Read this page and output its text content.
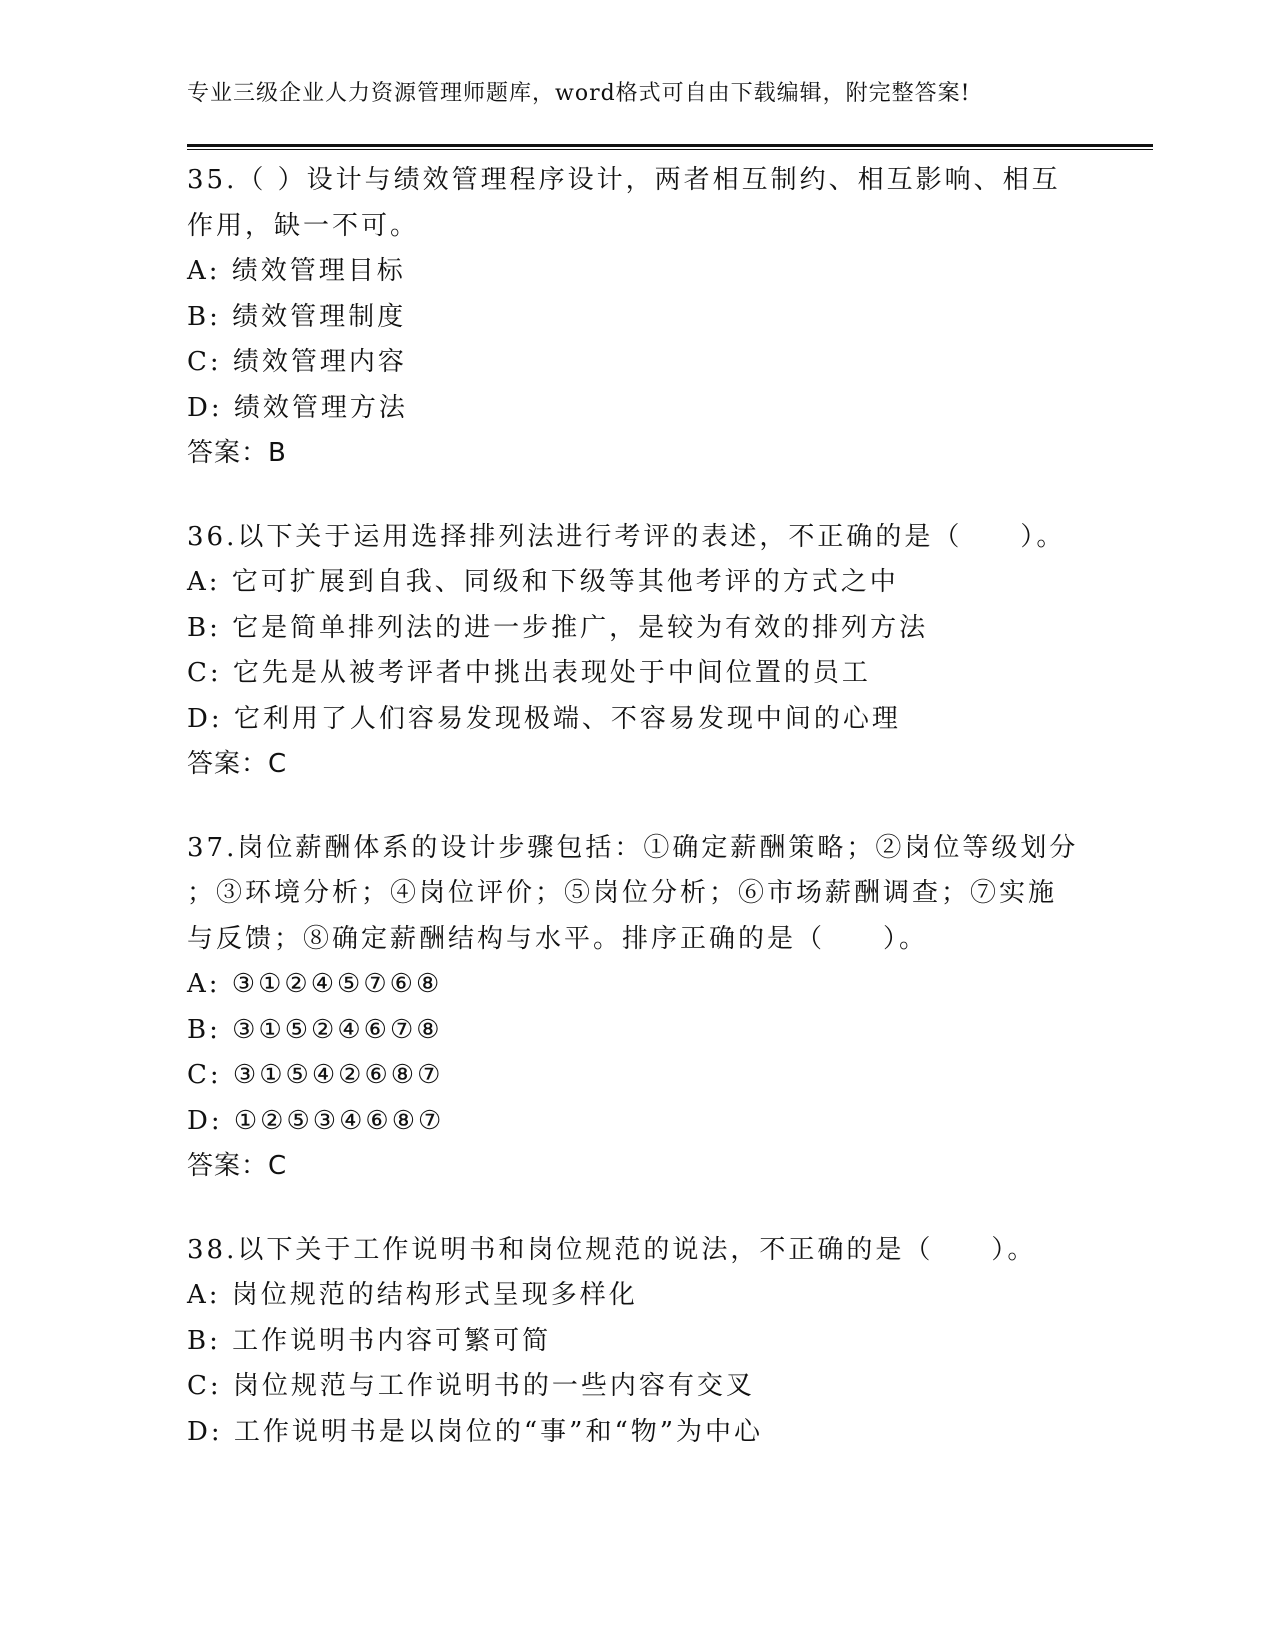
专业三级企业人力资源管理师题库，word格式可自由下载编辑，附完整答案!
35.（ ）设计与绩效管理程序设计，两者相互制约、相互影响、相互
作用，缺一不可。
A: 绩效管理目标
B: 绩效管理制度
C: 绩效管理内容
D: 绩效管理方法
答案：B
36.以下关于运用选择排列法进行考评的表述，不正确的是（　　）。
A: 它可扩展到自我、同级和下级等其他考评的方式之中
B: 它是简单排列法的进一步推广，是较为有效的排列方法
C: 它先是从被考评者中挑出表现处于中间位置的员工
D: 它利用了人们容易发现极端、不容易发现中间的心理
答案：C
37.岗位薪酬体系的设计步骤包括：①确定薪酬策略；②岗位等级划分
；③环境分析；④岗位评价；⑤岗位分析；⑥市场薪酬调查；⑦实施
与反馈；⑧确定薪酬结构与水平。排序正确的是（　　）。
A: ③①②④⑤⑦⑥⑧
B: ③①⑤②④⑥⑦⑧
C: ③①⑤④②⑥⑧⑦
D: ①②⑤③④⑥⑧⑦
答案：C
38.以下关于工作说明书和岗位规范的说法，不正确的是（　　）。
A: 岗位规范的结构形式呈现多样化
B: 工作说明书内容可繁可简
C: 岗位规范与工作说明书的一些内容有交叉
D: 工作说明书是以岗位的“事”和“物”为中心
